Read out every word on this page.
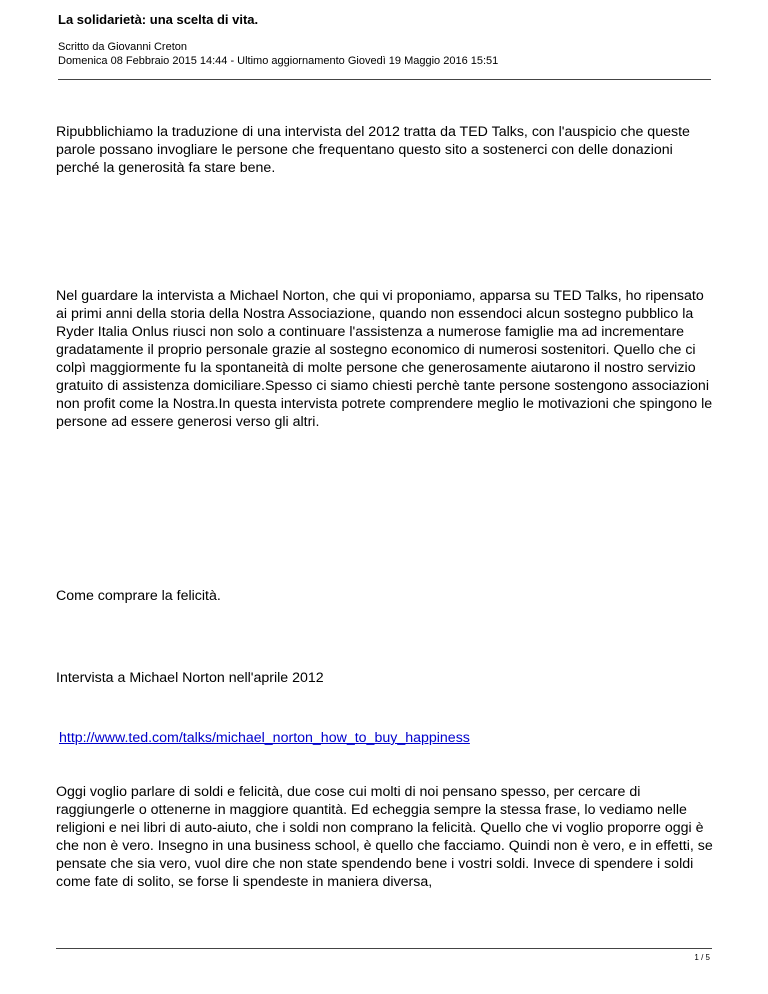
La solidarietà: una scelta di vita.

Scritto da Giovanni Creton
Domenica 08 Febbraio 2015 14:44 - Ultimo aggiornamento Giovedì 19 Maggio 2016 15:51

Ripubblichiamo la traduzione di una intervista del 2012 tratta da TED Talks, con l'auspicio che queste parole possano invogliare le persone che frequentano questo sito a sostenerci con delle donazioni perché la generosità fa stare bene.

Nel guardare la intervista a Michael Norton, che qui vi proponiamo, apparsa su TED Talks, ho ripensato ai primi anni della storia della Nostra Associazione, quando non essendoci alcun sostegno pubblico la Ryder Italia Onlus riusci non solo a continuare l'assistenza a numerose famiglie ma ad incrementare gradatamente il proprio personale grazie al sostegno economico di numerosi sostenitori. Quello che ci colpì maggiormente fu la spontaneità di molte persone che generosamente aiutarono il nostro servizio gratuito di assistenza domiciliare.Spesso ci siamo chiesti perchè tante persone sostengono associazioni non profit come la Nostra.In questa intervista potrete comprendere meglio le motivazioni che spingono le persone ad essere generosi verso gli altri.

Come comprare la felicità.

Intervista a Michael Norton nell'aprile 2012

http://www.ted.com/talks/michael_norton_how_to_buy_happiness

Oggi voglio parlare di soldi e felicità, due cose cui molti di noi pensano spesso, per cercare di raggiungerle o ottenerne in maggiore quantità. Ed echeggia sempre la stessa frase, lo vediamo nelle religioni e nei libri di auto-aiuto, che i soldi non comprano la felicità. Quello che vi voglio proporre oggi è che non è vero. Insegno in una business school, è quello che facciamo. Quindi non è vero, e in effetti, se pensate che sia vero, vuol dire che non state spendendo bene i vostri soldi. Invece di spendere i soldi come fate di solito, se forse li spendeste in maniera diversa,

1 / 5
